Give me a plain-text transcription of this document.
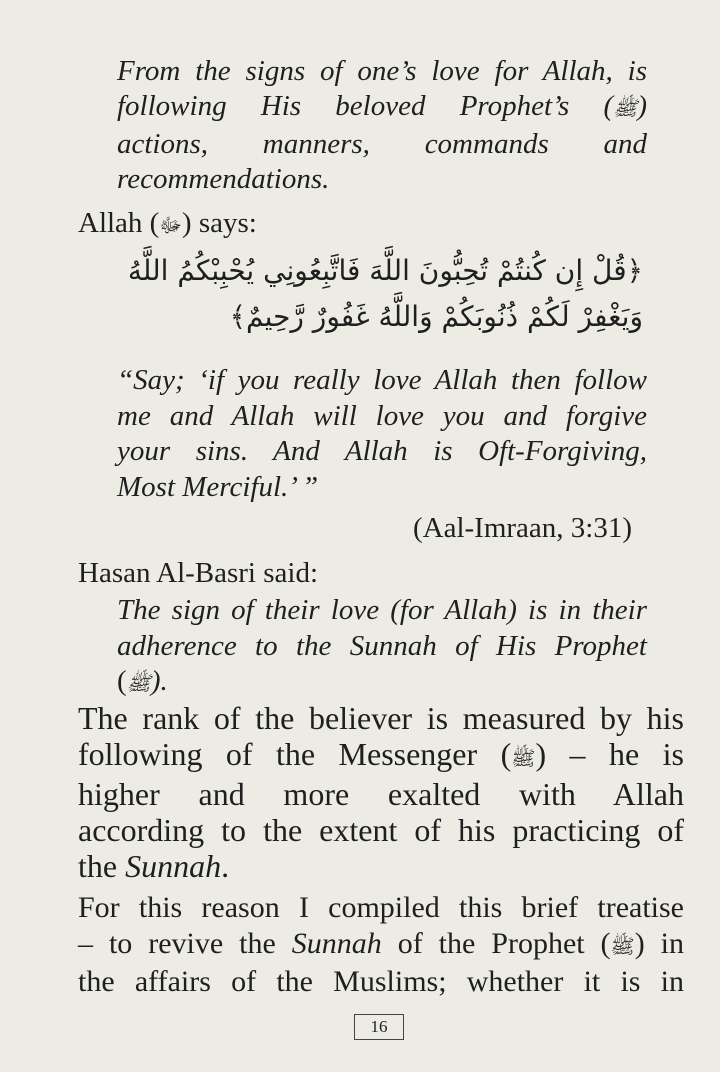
From the signs of one’s love for Allah, is
following His beloved Prophet’s (ﷺ)
actions, manners, commands and
recommendations.

Allah (ﷻ) says:

﴿قُلْ إِن كُنتُمْ تُحِبُّونَ اللَّهَ فَاتَّبِعُونِي يُحْبِبْكُمُ اللَّهُ
وَيَغْفِرْ لَكُمْ ذُنُوبَكُمْ وَاللَّهُ غَفُورٌ رَّحِيمٌ﴾

“Say; ‘if you really love Allah then follow
me and Allah will love you and forgive
your sins. And Allah is Oft-Forgiving,
Most Merciful.’ ”

(Aal-Imraan, 3:31)

Hasan Al-Basri said:

The sign of their love (for Allah) is in their
adherence to the Sunnah of His Prophet
(ﷺ).

The rank of the believer is measured by his
following of the Messenger (ﷺ) – he is
higher and more exalted with Allah
according to the extent of his practicing of
the Sunnah.

For this reason I compiled this brief treatise
– to revive the Sunnah of the Prophet (ﷺ) in
the affairs of the Muslims; whether it is in

16
